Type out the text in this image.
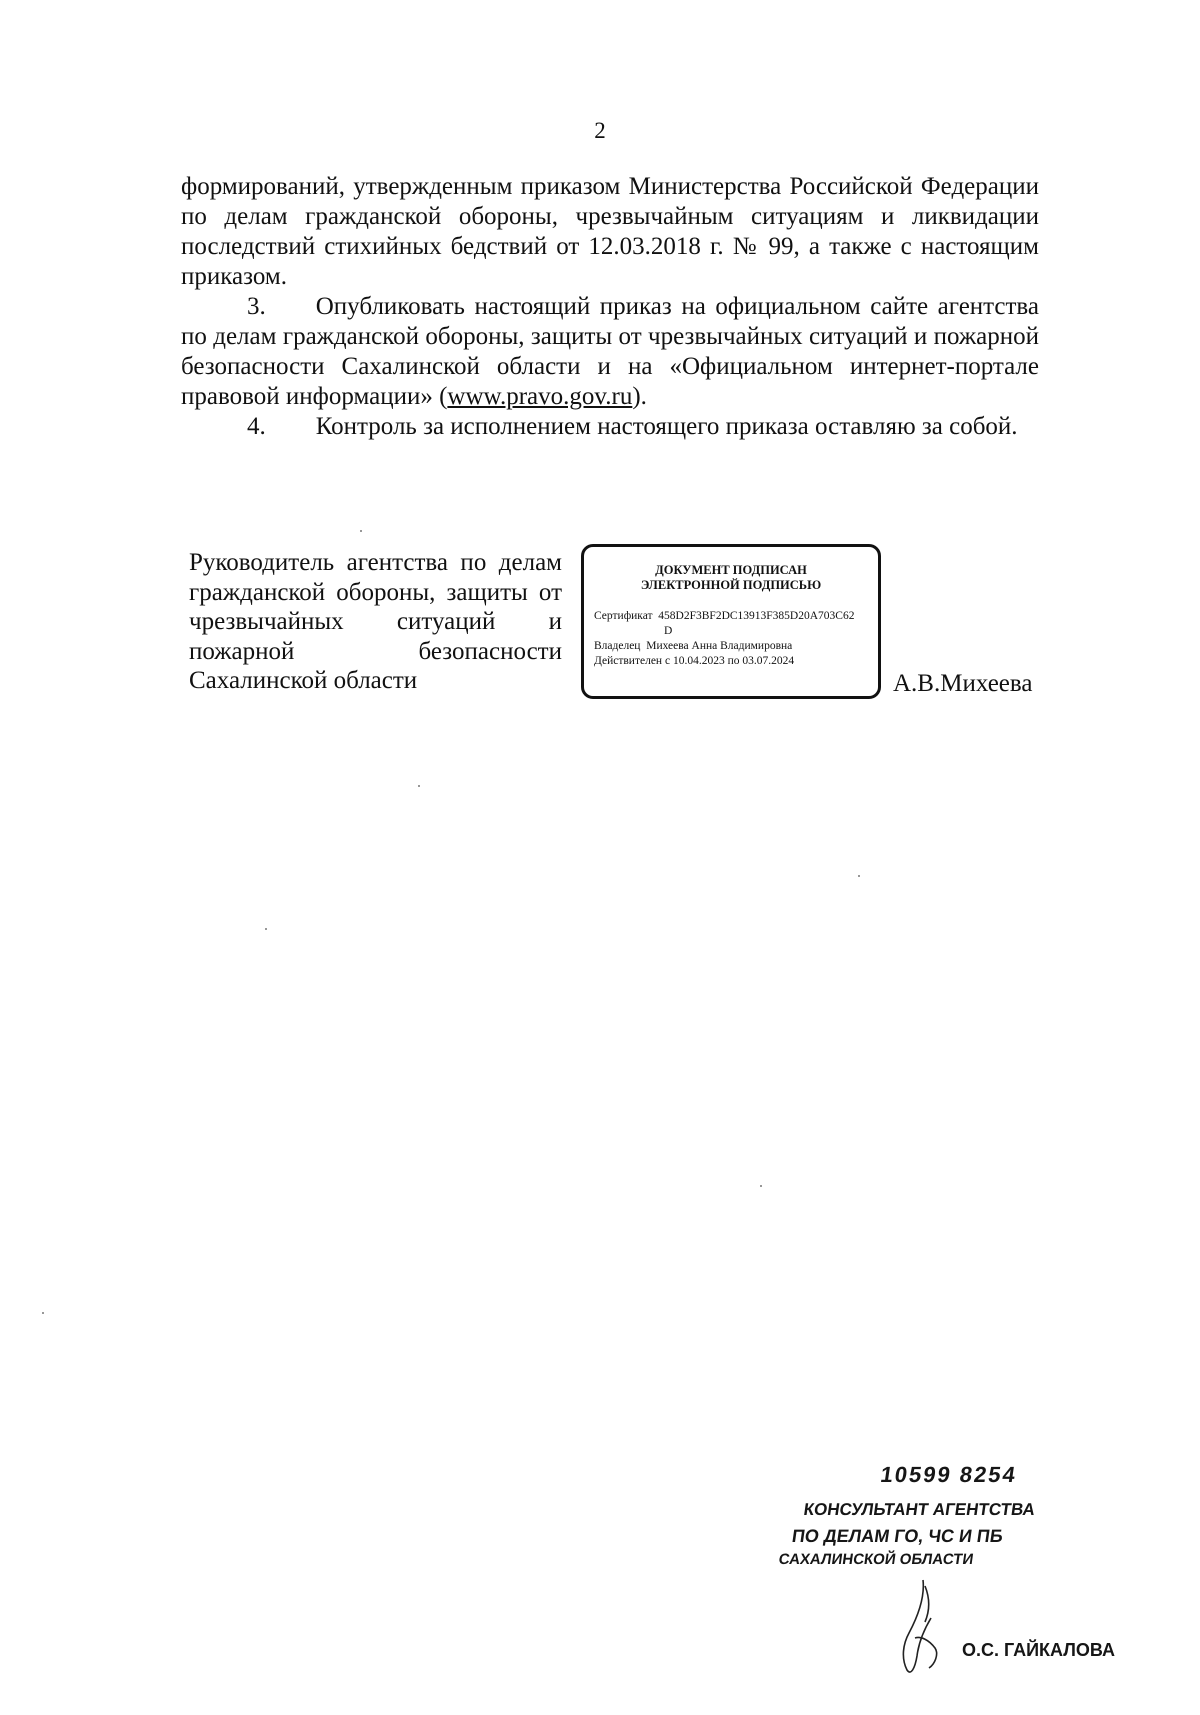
2

формирований, утвержденным приказом Министерства Российской Федерации по делам гражданской обороны, чрезвычайным ситуациям и ликвидации последствий стихийных бедствий от 12.03.2018 г. № 99, а также с настоящим приказом.

3.   Опубликовать настоящий приказ на официальном сайте агентства по делам гражданской обороны, защиты от чрезвычайных ситуаций и пожарной безопасности Сахалинской области и на «Официальном интернет-портале правовой информации» (www.pravo.gov.ru).

4.   Контроль за исполнением настоящего приказа оставляю за собой.

Руководитель агентства по делам
гражданской обороны, защиты от
чрезвычайных ситуаций и
пожарной безопасности
Сахалинской области
ДОКУМЕНТ ПОДПИСАН
ЭЛЕКТРОННОЙ ПОДПИСЬЮ
Сертификат 458D2F3BF2DC13913F385D20A703C62
D
Владелец Михеева Анна Владимировна
Действителен с 10.04.2023 по 03.07.2024
А.В.Михеева
10599 8254
КОНСУЛЬТАНТ АГЕНТСТВА
ПО ДЕЛАМ ГО, ЧС И ПБ
САХАЛИНСКОЙ ОБЛАСТИ
О.С. ГАЙКАЛОВА
